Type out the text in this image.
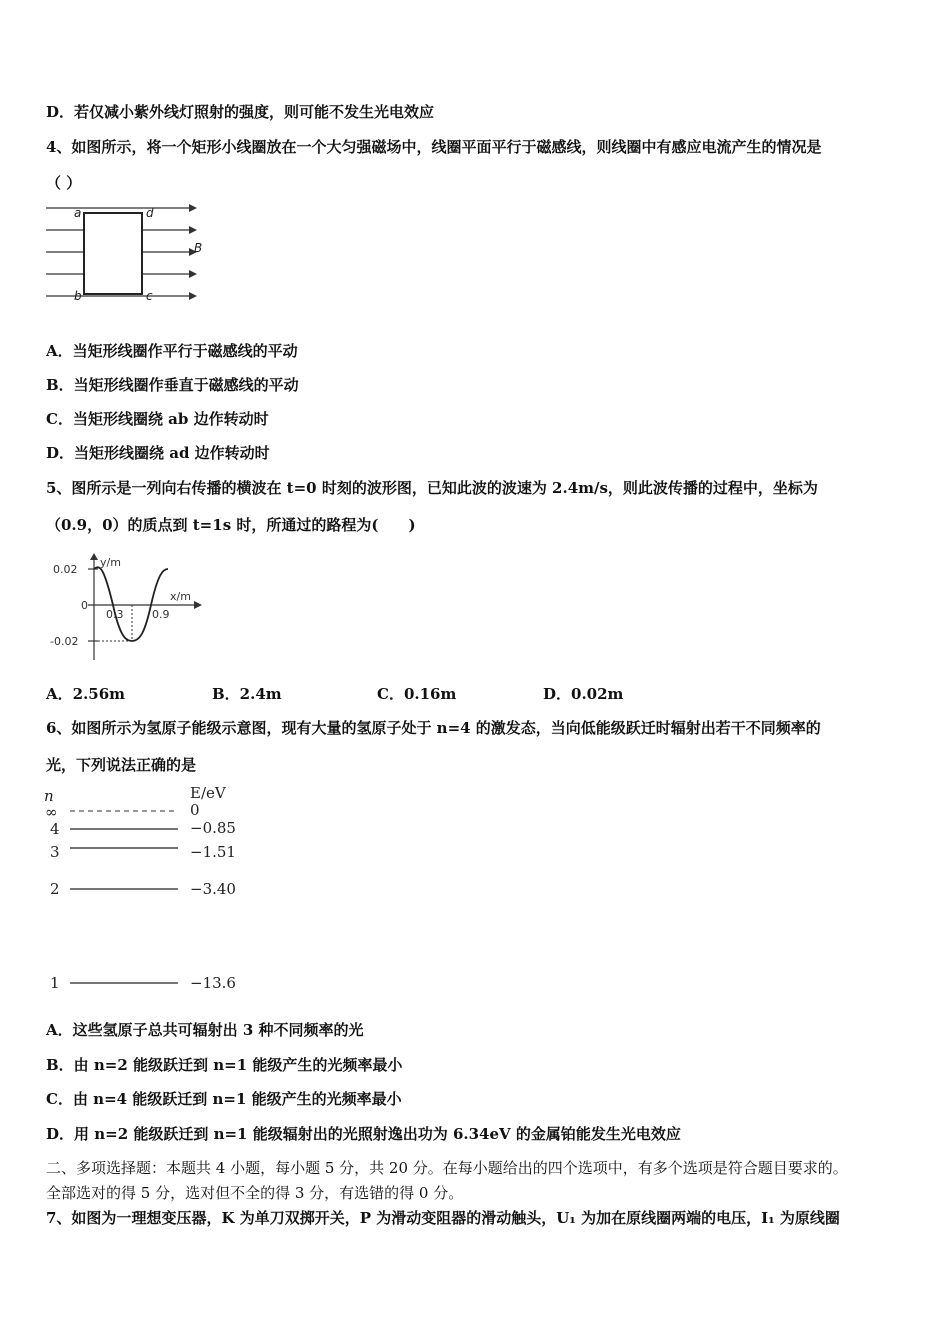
D．若仅减小紫外线灯照射的强度，则可能不发生光电效应
4、如图所示，将一个矩形小线圈放在一个大匀强磁场中，线圈平面平行于磁感线，则线圈中有感应电流产生的情况是
（ ）
a	d
b	c
B
A．当矩形线圈作平行于磁感线的平动
B．当矩形线圈作垂直于磁感线的平动
C．当矩形线圈绕 ab 边作转动时
D．当矩形线圈绕 ad 边作转动时
5、图所示是一列向右传播的横波在 t=0 时刻的波形图，已知此波的波速为 2.4m/s，则此波传播的过程中，坐标为
（0.9，0）的质点到 t=1s 时，所通过的路程为(　　)
y/m
x/m
0.02
0
-0.02
0.3	0.9
A．2.56m	B．2.4m	C．0.16m	D．0.02m
6、如图所示为氢原子能级示意图，现有大量的氢原子处于 n=4 的激发态，当向低能级跃迁时辐射出若干不同频率的
光，下列说法正确的是
n	E/eV
∞	0
4	−0.85
3	−1.51
2	−3.40
1	−13.6
A．这些氢原子总共可辐射出 3 种不同频率的光
B．由 n=2 能级跃迁到 n=1 能级产生的光频率最小
C．由 n=4 能级跃迁到 n=1 能级产生的光频率最小
D．用 n=2 能级跃迁到 n=1 能级辐射出的光照射逸出功为 6.34eV 的金属铂能发生光电效应
二、多项选择题：本题共 4 小题，每小题 5 分，共 20 分。在每小题给出的四个选项中，有多个选项是符合题目要求的。
全部选对的得 5 分，选对但不全的得 3 分，有选错的得 0 分。
7、如图为一理想变压器，K 为单刀双掷开关，P 为滑动变阻器的滑动触头，U₁ 为加在原线圈两端的电压，I₁ 为原线圈
